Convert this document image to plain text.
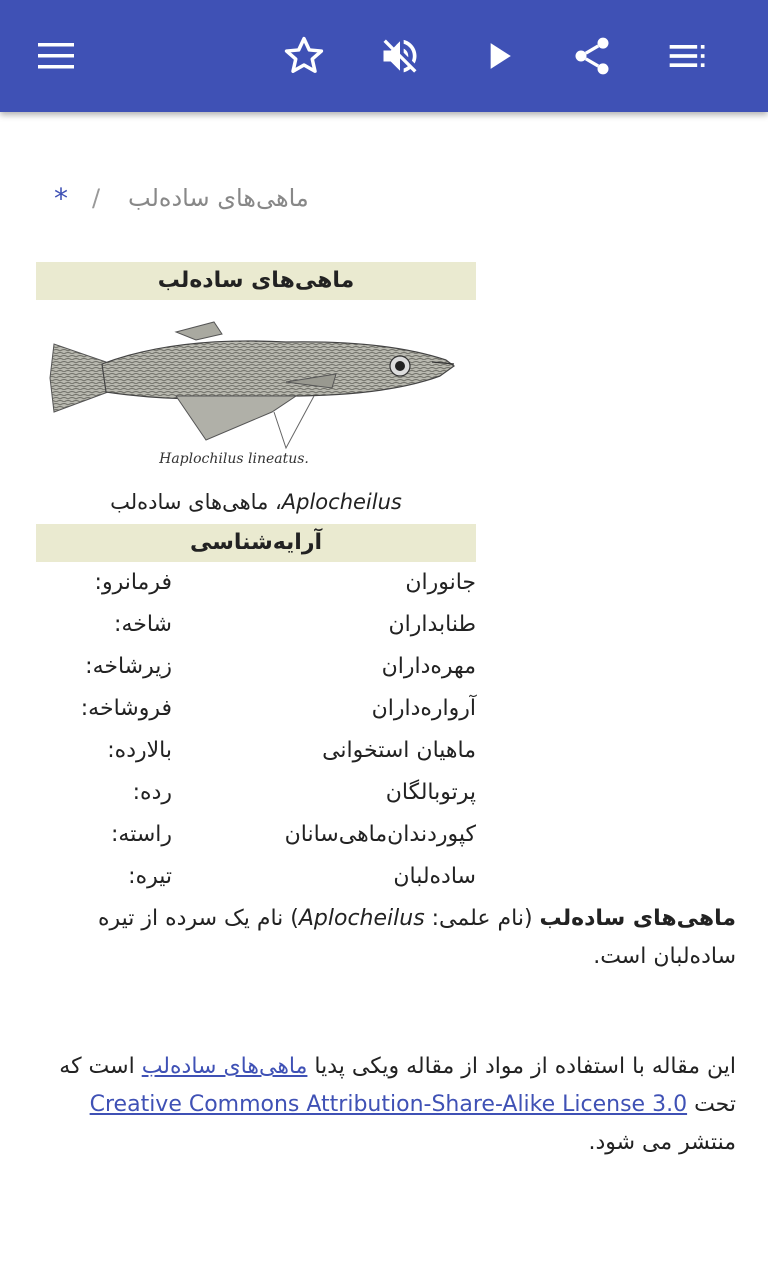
* / ماهی‌های ساده‌لب
ماهی‌های ساده‌لب
Haplochilus lineatus.
Aplocheilus، ماهی‌های ساده‌لب
آرایه‌شناسی
جانوران
فرمانرو:
طنابداران
شاخه:
مهره‌داران
زیرشاخه:
آرواره‌داران
فروشاخه:
ماهیان استخوانی
بالارده:
پرتوبالگان
رده:
کپوردندان‌ماهی‌سانان
راسته:
ساده‌لبان
تیره:
ماهی‌های ساده‌لب (نام علمی: Aplocheilus) نام یک سرده از تیره ساده‌لبان است.
این مقاله با استفاده از مواد از مقاله ویکی پدیا ماهی‌های ساده‌لب است که تحت Creative Commons Attribution-Share-Alike License 3.0 منتشر می شود.
